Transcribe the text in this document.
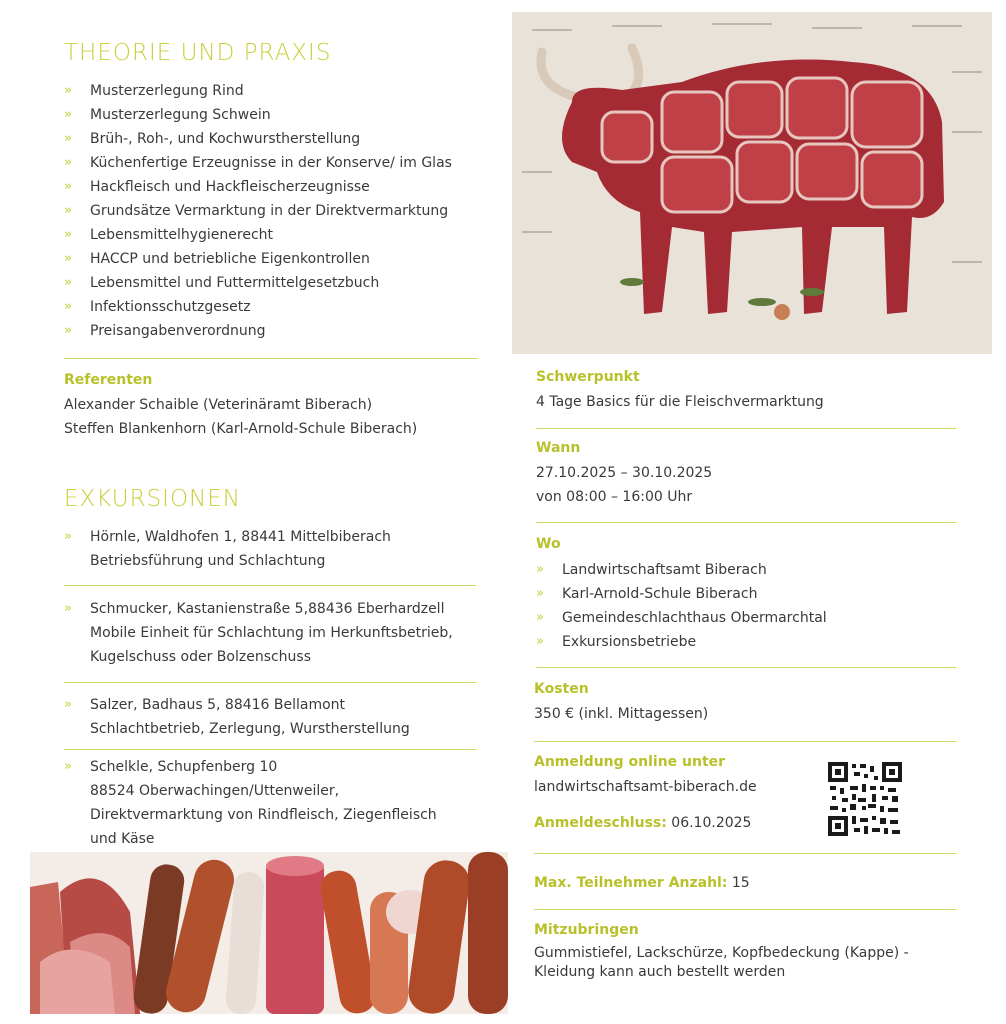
THEORIE UND PRAXIS
» Musterzerlegung Rind
» Musterzerlegung Schwein
» Brüh-, Roh-, und Kochwurstherstellung
» Küchenfertige Erzeugnisse in der Konserve/ im Glas
» Hackfleisch und Hackfleischerzeugnisse
» Grundsätze Vermarktung in der Direktvermarktung
» Lebensmittelhygienerecht
» HACCP und betriebliche Eigenkontrollen
» Lebensmittel und Futtermittelgesetzbuch
» Infektionsschutzgesetz
» Preisangabenverordnung

Referenten

Alexander Schaible (Veterinäramt Biberach)
Steffen Blankenhorn (Karl-Arnold-Schule Biberach)
EXKURSIONEN
» Hörnle, Waldhofen 1, 88441 Mittelbiberach
Betriebsführung und Schlachtung
» Schmucker, Kastanienstraße 5,88436 Eberhardzell
Mobile Einheit für Schlachtung im Herkunftsbetrieb,
Kugelschuss oder Bolzenschuss
» Salzer, Badhaus 5, 88416 Bellamont
Schlachtbetrieb, Zerlegung, Wurstherstellung
» Schelkle, Schupfenberg 10
88524 Oberwachingen/Uttenweiler,
Direktvermarktung von Rindfleisch, Ziegenfleisch
und Käse

Schwerpunkt

4 Tage Basics für die Fleischvermarktung

Wann

27.10.2025 – 30.10.2025
von 08:00 – 16:00 Uhr

Wo

» Landwirtschaftsamt Biberach
» Karl-Arnold-Schule Biberach
» Gemeindeschlachthaus Obermarchtal
» Exkursionsbetriebe

Kosten

350 € (inkl. Mittagessen)

Anmeldung online unter

landwirtschaftsamt-biberach.de
Anmeldeschluss: 06.10.2025
Max. Teilnehmer Anzahl: 15

Mitzubringen

Gummistiefel, Lackschürze, Kopfbedeckung (Kappe) -
Kleidung kann auch bestellt werden
